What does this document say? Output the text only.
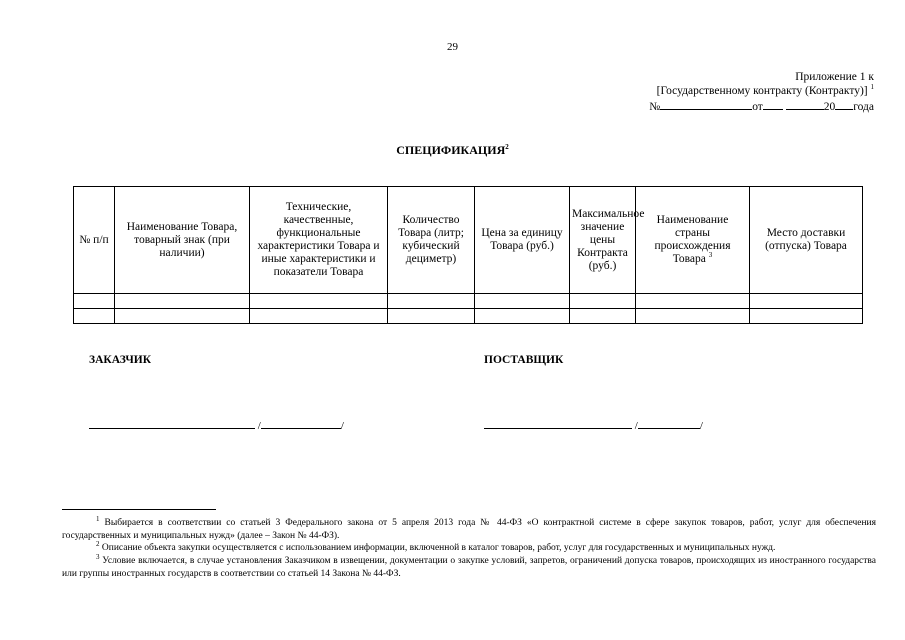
29
Приложение 1 к
[Государственному контракту (Контракту)] $^1$
№	от	20 года
СПЕЦИФИКАЦИЯ$^2$
№ п/п	Наименование Товара, товарный знак (при наличии)	Технические, качественные, функциональные характеристики Товара и иные характеристики и показатели Товара	Количество Товара (литр; кубический дециметр)	Цена за единицу Товара (руб.)	Максимальное значение цены Контракта (руб.)	Наименование страны происхождения Товара $^3$	Место доставки (отпуска) Товара

ЗАКАЗЧИК	ПОСТАВЩИК
/	/	/	/
$^1$ Выбирается в соответствии со статьей 3 Федерального закона от 5 апреля 2013 года № 44-ФЗ «О контрактной системе в сфере закупок товаров, работ, услуг для обеспечения государственных и муниципальных нужд» (далее – Закон № 44-ФЗ).
$^2$ Описание объекта закупки осуществляется с использованием информации, включенной в каталог товаров, работ, услуг для государственных и муниципальных нужд.
$^3$ Условие включается, в случае установления Заказчиком в извещении, документации о закупке условий, запретов, ограничений допуска товаров, происходящих из иностранного государства или группы иностранных государств в соответствии со статьей 14 Закона № 44-ФЗ.
